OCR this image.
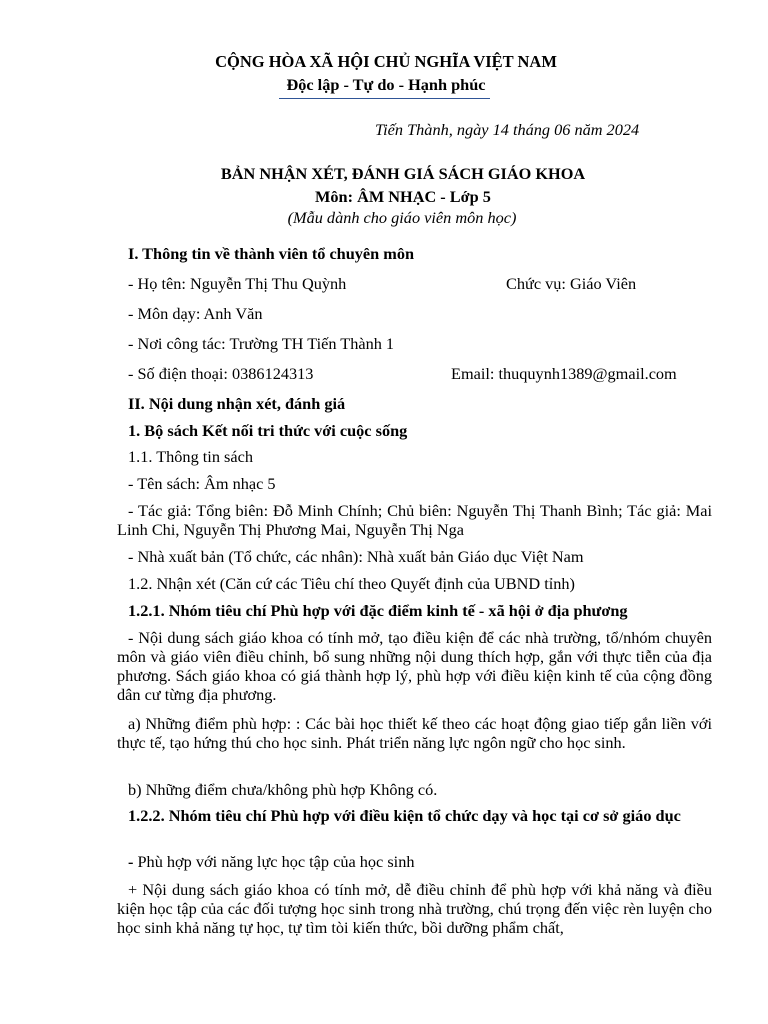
CỘNG HÒA XÃ HỘI CHỦ NGHĨA VIỆT NAM
Độc lập - Tự do - Hạnh phúc
Tiến Thành, ngày 14 tháng 06 năm 2024
BẢN NHẬN XÉT, ĐÁNH GIÁ SÁCH GIÁO KHOA
Môn: ÂM NHẠC - Lớp 5
(Mẫu dành cho giáo viên môn học)
I. Thông tin về thành viên tổ chuyên môn
- Họ tên: Nguyễn Thị Thu Quỳnh	Chức vụ: Giáo Viên
- Môn dạy: Anh Văn
- Nơi công tác: Trường TH Tiến Thành 1
- Số điện thoại: 0386124313	Email: thuquynh1389@gmail.com
II. Nội dung nhận xét, đánh giá
1. Bộ sách Kết nối tri thức với cuộc sống
1.1. Thông tin sách
- Tên sách: Âm nhạc 5
- Tác giả: Tổng biên: Đỗ Minh Chính; Chủ biên: Nguyễn Thị Thanh Bình; Tác giả: Mai Linh Chi, Nguyễn Thị Phương Mai, Nguyễn Thị Nga
- Nhà xuất bản (Tổ chức, các nhân): Nhà xuất bản Giáo dục Việt Nam
1.2. Nhận xét (Căn cứ các Tiêu chí theo Quyết định của UBND tỉnh)
1.2.1. Nhóm tiêu chí Phù hợp với đặc điểm kinh tế - xã hội ở địa phương
- Nội dung sách giáo khoa có tính mở, tạo điều kiện để các nhà trường, tổ/nhóm chuyên môn và giáo viên điều chỉnh, bổ sung những nội dung thích hợp, gắn với thực tiễn của địa phương. Sách giáo khoa có giá thành hợp lý, phù hợp với điều kiện kinh tế của cộng đồng dân cư từng địa phương.
a) Những điểm phù hợp: : Các bài học thiết kế theo các hoạt động giao tiếp gắn liền với thực tế, tạo hứng thú cho học sinh. Phát triển năng lực ngôn ngữ cho học sinh.
b) Những điểm chưa/không phù hợp Không có.
1.2.2. Nhóm tiêu chí Phù hợp với điều kiện tổ chức dạy và học tại cơ sở giáo dục
- Phù hợp với năng lực học tập của học sinh
+ Nội dung sách giáo khoa có tính mở, dễ điều chỉnh để phù hợp với khả năng và điều kiện học tập của các đối tượng học sinh trong nhà trường, chú trọng đến việc rèn luyện cho học sinh khả năng tự học, tự tìm tòi kiến thức, bồi dưỡng phẩm chất,
